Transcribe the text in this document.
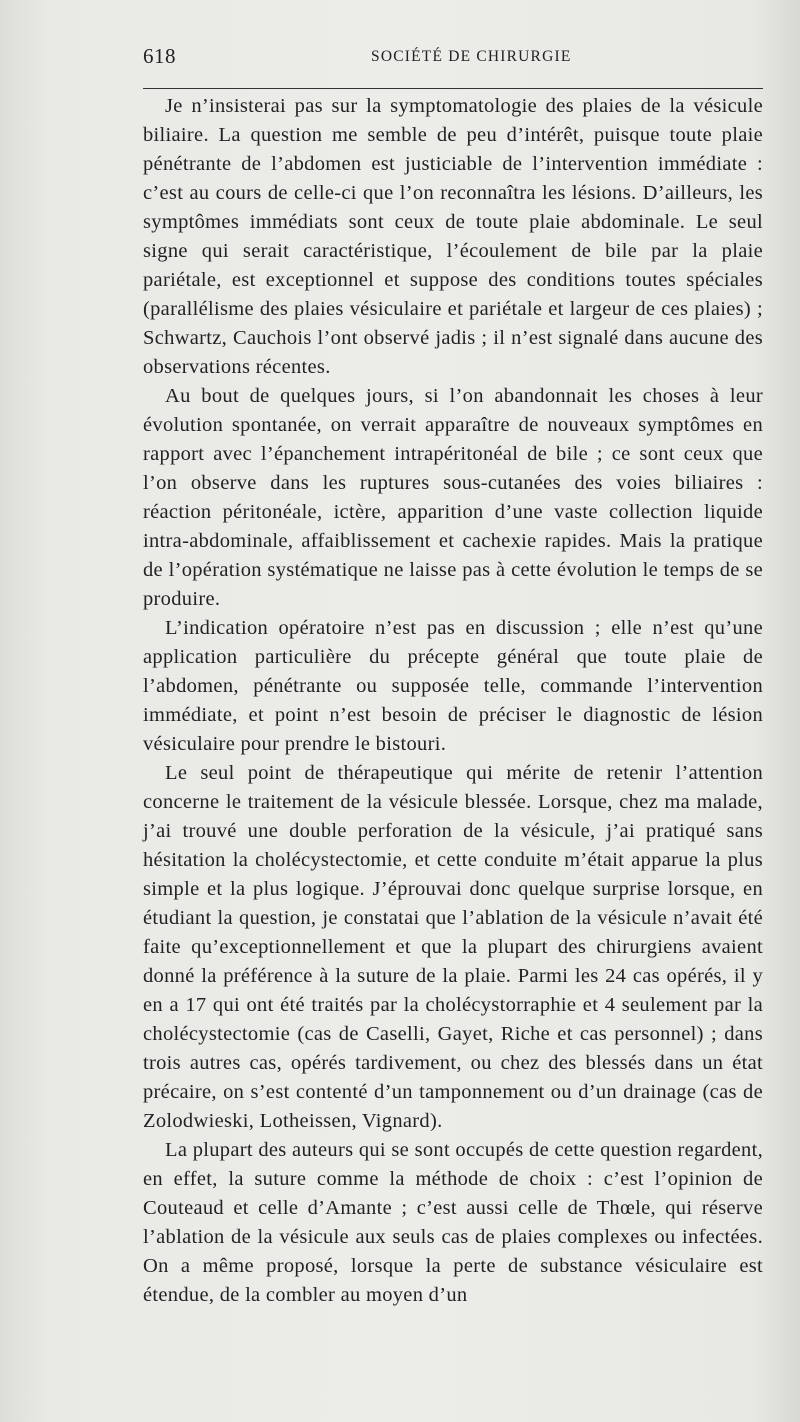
618	SOCIÉTÉ DE CHIRURGIE

Je n’insisterai pas sur la symptomatologie des plaies de la vésicule biliaire. La question me semble de peu d’intérêt, puisque toute plaie pénétrante de l’abdomen est justiciable de l’intervention immédiate : c’est au cours de celle-ci que l’on reconnaîtra les lésions. D’ailleurs, les symptômes immédiats sont ceux de toute plaie abdominale. Le seul signe qui serait caractéristique, l’écoulement de bile par la plaie pariétale, est exceptionnel et suppose des conditions toutes spéciales (parallélisme des plaies vésiculaire et pariétale et largeur de ces plaies) ; Schwartz, Cauchois l’ont observé jadis ; il n’est signalé dans aucune des observations récentes.

Au bout de quelques jours, si l’on abandonnait les choses à leur évolution spontanée, on verrait apparaître de nouveaux symptômes en rapport avec l’épanchement intrapéritonéal de bile ; ce sont ceux que l’on observe dans les ruptures sous-cutanées des voies biliaires : réaction péritonéale, ictère, apparition d’une vaste collection liquide intra-abdominale, affaiblissement et cachexie rapides. Mais la pratique de l’opération systématique ne laisse pas à cette évolution le temps de se produire.

L’indication opératoire n’est pas en discussion ; elle n’est qu’une application particulière du précepte général que toute plaie de l’abdomen, pénétrante ou supposée telle, commande l’intervention immédiate, et point n’est besoin de préciser le diagnostic de lésion vésiculaire pour prendre le bistouri.

Le seul point de thérapeutique qui mérite de retenir l’attention concerne le traitement de la vésicule blessée. Lorsque, chez ma malade, j’ai trouvé une double perforation de la vésicule, j’ai pratiqué sans hésitation la cholécystectomie, et cette conduite m’était apparue la plus simple et la plus logique. J’éprouvai donc quelque surprise lorsque, en étudiant la question, je constatai que l’ablation de la vésicule n’avait été faite qu’exceptionnellement et que la plupart des chirurgiens avaient donné la préférence à la suture de la plaie. Parmi les 24 cas opérés, il y en a 17 qui ont été traités par la cholécystorraphie et 4 seulement par la cholécystectomie (cas de Caselli, Gayet, Riche et cas personnel) ; dans trois autres cas, opérés tardivement, ou chez des blessés dans un état précaire, on s’est contenté d’un tamponnement ou d’un drainage (cas de Zolodwieski, Lotheissen, Vignard).

La plupart des auteurs qui se sont occupés de cette question regardent, en effet, la suture comme la méthode de choix : c’est l’opinion de Couteaud et celle d’Amante ; c’est aussi celle de Thœle, qui réserve l’ablation de la vésicule aux seuls cas de plaies complexes ou infectées. On a même proposé, lorsque la perte de substance vésiculaire est étendue, de la combler au moyen d’un
